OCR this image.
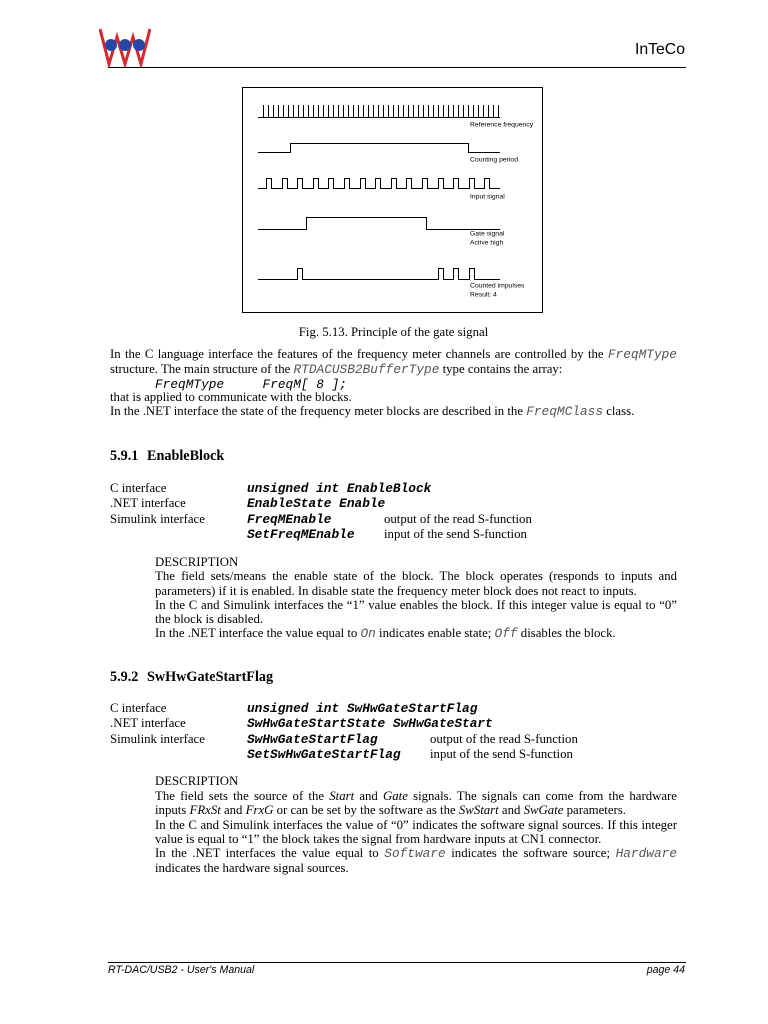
InTeCo
Reference frequency
Counting period
Input signal
Gate signal
Active high
Counted impulses
Result: 4
Fig. 5.13. Principle of the gate signal
In the C language interface the features of the frequency meter channels are controlled by the FreqMType
structure. The main structure of the RTDACUSB2BufferType type contains the array:
FreqMType     FreqM[ 8 ];
that is applied to communicate with the blocks.
In the .NET interface the state of the frequency meter blocks are described in the FreqMClass class.
5.9.1 EnableBlock
C interface	unsigned int EnableBlock
.NET interface	EnableState Enable
Simulink interface	FreqMEnable	output of the read S-function
SetFreqMEnable input of the send S-function
DESCRIPTION
The field sets/means the enable state of the block. The block operates (responds to inputs and
parameters) if it is enabled. In disable state the frequency meter block does not react to inputs.
In the C and Simulink interfaces the “1” value enables the block. If this integer value is equal to “0”
the block is disabled.
In the .NET interface the value equal to On indicates enable state; Off disables the block.
5.9.2 SwHwGateStartFlag
C interface	unsigned int SwHwGateStartFlag
.NET interface	SwHwGateStartState SwHwGateStart
Simulink interface	SwHwGateStartFlag	output of the read S-function
SetSwHwGateStartFlag input of the send S-function
DESCRIPTION
The field sets the source of the Start and Gate signals. The signals can come from the hardware
inputs FRxSt and FrxG or can be set by the software as the SwStart and SwGate parameters.
In the C and Simulink interfaces the value of “0” indicates the software signal sources. If this integer
value is equal to “1” the block takes the signal from hardware inputs at CN1 connector.
In the .NET interfaces the value equal to Software indicates the software source; Hardware
indicates the hardware signal sources.
RT-DAC/USB2 - User's Manual	page 44
